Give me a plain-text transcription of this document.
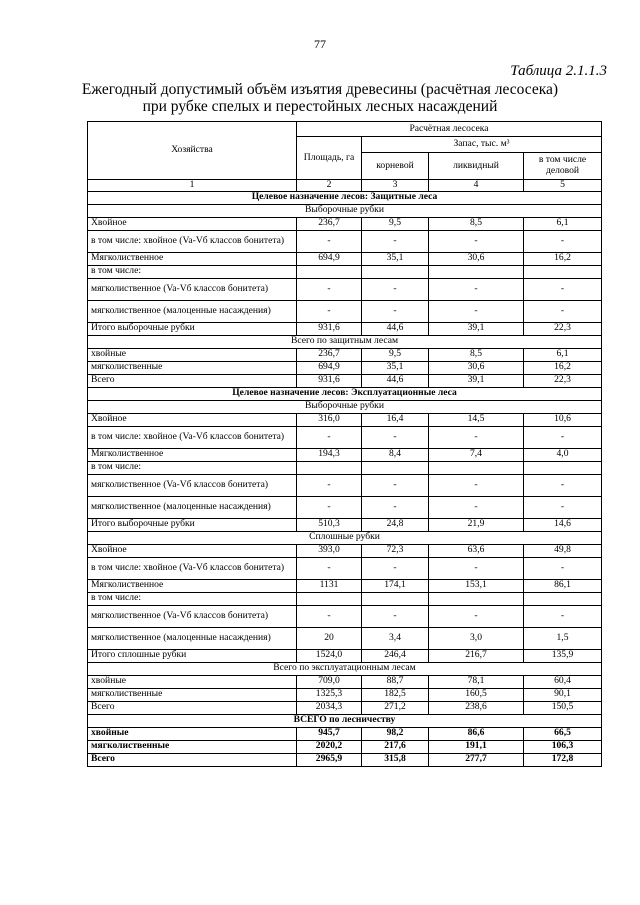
77
Таблица 2.1.1.3
Ежегодный допустимый объём изъятия древесины (расчётная лесосека)
при рубке спелых и перестойных лесных насаждений
Хозяйства	Расчётная лесосека			
	Площадь, га	Запас, тыс. м³		
		корневой	ликвидный	в том числе деловой
1	2	3	4	5
Целевое назначение лесов: Защитные леса				
Выборочные рубки				
Хвойное	236,7	9,5	8,5	6,1
в том числе: хвойное (Va-Vб классов бонитета)	-	-	-	-
Мягколиственное	694,9	35,1	30,6	16,2
в том числе:				
мягколиственное (Va-Vб классов бонитета)	-	-	-	-
мягколиственное (малоценные насаждения)	-	-	-	-
Итого выборочные рубки	931,6	44,6	39,1	22,3
Всего по защитным лесам				
хвойные	236,7	9,5	8,5	6,1
мягколиственные	694,9	35,1	30,6	16,2
Всего	931,6	44,6	39,1	22,3
Целевое назначение лесов: Эксплуатационные леса				
Выборочные рубки				
Хвойное	316,0	16,4	14,5	10,6
в том числе: хвойное (Va-Vб классов бонитета)	-	-	-	-
Мягколиственное	194,3	8,4	7,4	4,0
в том числе:				
мягколиственное (Va-Vб классов бонитета)	-	-	-	-
мягколиственное (малоценные насаждения)	-	-	-	-
Итого выборочные рубки	510,3	24,8	21,9	14,6
Сплошные рубки				
Хвойное	393,0	72,3	63,6	49,8
в том числе: хвойное (Va-Vб классов бонитета)	-	-	-	-
Мягколиственное	1131	174,1	153,1	86,1
в том числе:				
мягколиственное (Va-Vб классов бонитета)	-	-	-	-
мягколиственное (малоценные насаждения)	20	3,4	3,0	1,5
Итого сплошные рубки	1524,0	246,4	216,7	135,9
Всего по эксплуатационным лесам				
хвойные	709,0	88,7	78,1	60,4
мягколиственные	1325,3	182,5	160,5	90,1
Всего	2034,3	271,2	238,6	150,5
ВСЕГО по лесничеству				
хвойные	945,7	98,2	86,6	66,5
мягколиственные	2020,2	217,6	191,1	106,3
Всего	2965,9	315,8	277,7	172,8
